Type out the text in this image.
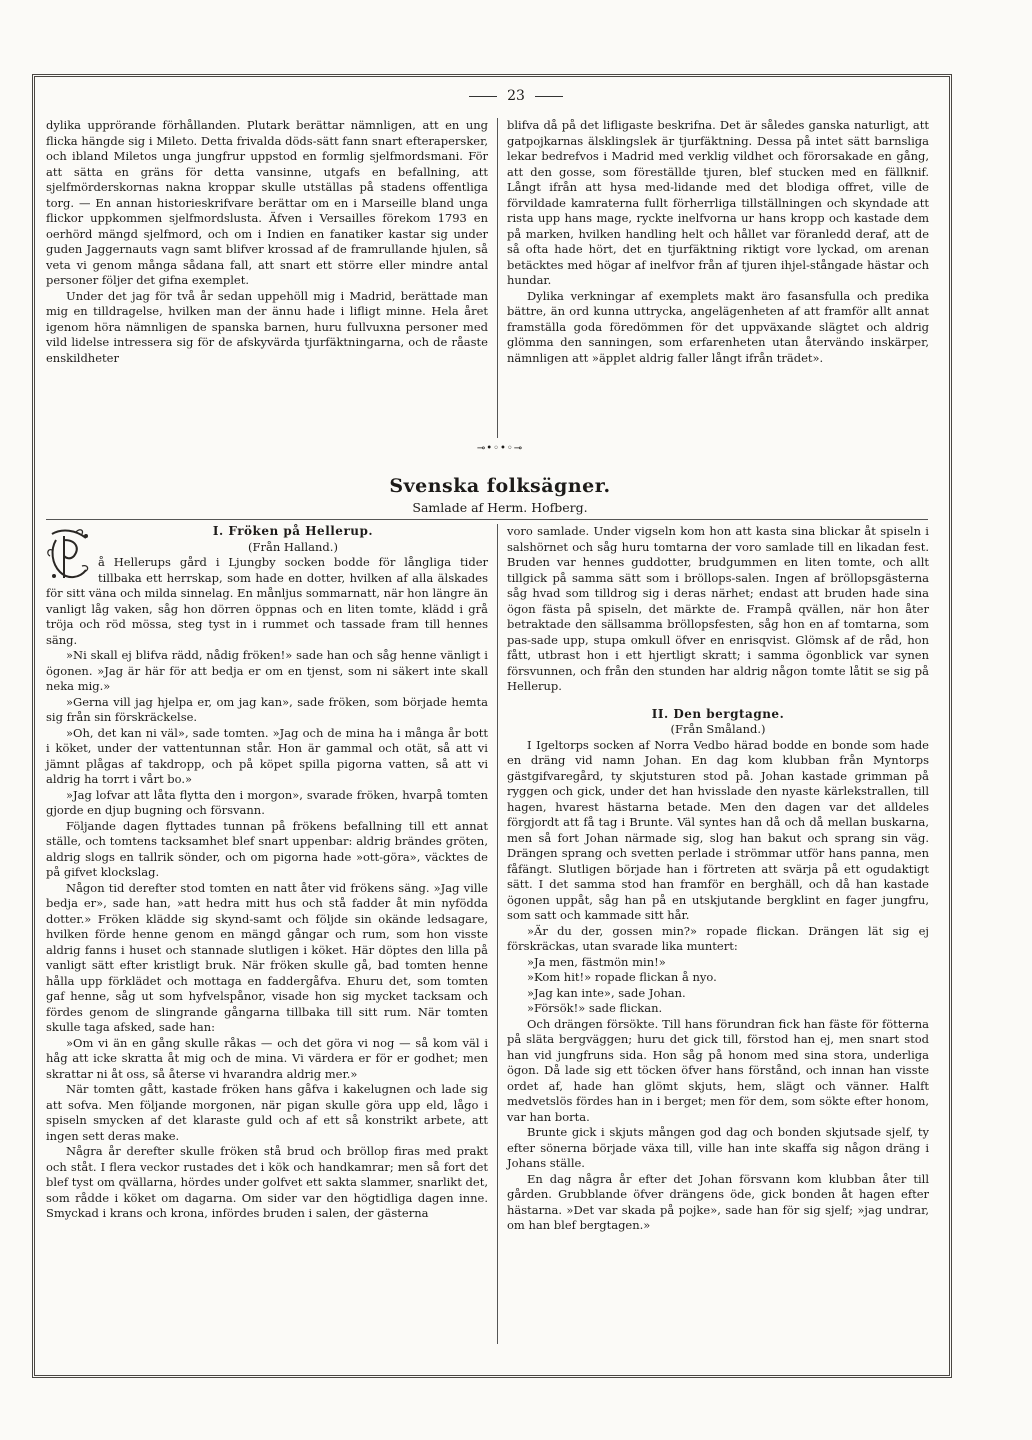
23

dylika upprörande förhållanden. Plutark berättar nämnligen, att en ung flicka hängde sig i Mileto. Detta frivalda döds-sätt fann snart efterapersker, och ibland Miletos unga jungfrur uppstod en formlig sjelfmordsmani. För att sätta en gräns för detta vansinne, utgafs en befallning, att sjelfmörderskornas nakna kroppar skulle utställas på stadens offentliga torg. — En annan historieskrifvare berättar om en i Marseille bland unga flickor uppkommen sjelfmordslusta. Äfven i Versailles förekom 1793 en oerhörd mängd sjelfmord, och om i Indien en fanatiker kastar sig under guden Jaggernauts vagn samt blifver krossad af de framrullande hjulen, så veta vi genom många sådana fall, att snart ett större eller mindre antal personer följer det gifna exemplet.

Under det jag för två år sedan uppehöll mig i Madrid, berättade man mig en tilldragelse, hvilken man der ännu hade i lifligt minne. Hela året igenom höra nämnligen de spanska barnen, huru fullvuxna personer med vild lidelse intressera sig för de afskyvärda tjurfäktningarna, och de råaste enskildheter

blifva då på det lifligaste beskrifna. Det är således ganska naturligt, att gatpojkarnas älsklingslek är tjurfäktning. Dessa på intet sätt barnsliga lekar bedrefvos i Madrid med verklig vildhet och förorsakade en gång, att den gosse, som föreställde tjuren, blef stucken med en fällknif. Långt ifrån att hysa med-lidande med det blodiga offret, ville de förvildade kamraterna fullt förherrliga tillställningen och skyndade att rista upp hans mage, ryckte inelfvorna ur hans kropp och kastade dem på marken, hvilken handling helt och hållet var föranledd deraf, att de så ofta hade hört, det en tjurfäktning riktigt vore lyckad, om arenan betäcktes med högar af inelfvor från af tjuren ihjel-stångade hästar och hundar.

Dylika verkningar af exemplets makt äro fasansfulla och predika bättre, än ord kunna uttrycka, angelägenheten af att framför allt annat framställa goda föredömmen för det uppväxande slägtet och aldrig glömma den sanningen, som erfarenheten utan återvändo inskärper, nämnligen att »äpplet aldrig faller långt ifrån trädet».

⊸•◦•◦⊸
Svenska folksägner.
Samlade af Herm. Hofberg.
I. Fröken på Hellerup.
(Från Halland.)

å Hellerups gård i Ljungby socken bodde för långliga tider tillbaka ett herrskap, som hade en dotter, hvilken af alla älskades för sitt väna och milda sinnelag. En månljus sommarnatt, när hon längre än vanligt låg vaken, såg hon dörren öppnas och en liten tomte, klädd i grå tröja och röd mössa, steg tyst in i rummet och tassade fram till hennes säng.

»Ni skall ej blifva rädd, nådig fröken!» sade han och såg henne vänligt i ögonen. »Jag är här för att bedja er om en tjenst, som ni säkert inte skall neka mig.»

»Gerna vill jag hjelpa er, om jag kan», sade fröken, som började hemta sig från sin förskräckelse.

»Oh, det kan ni väl», sade tomten. »Jag och de mina ha i många år bott i köket, under der vattentunnan står. Hon är gammal och otät, så att vi jämnt plågas af takdropp, och på köpet spilla pigorna vatten, så att vi aldrig ha torrt i vårt bo.»

»Jag lofvar att låta flytta den i morgon», svarade fröken, hvarpå tomten gjorde en djup bugning och försvann.

Följande dagen flyttades tunnan på frökens befallning till ett annat ställe, och tomtens tacksamhet blef snart uppenbar: aldrig brändes gröten, aldrig slogs en tallrik sönder, och om pigorna hade »ott-göra», väcktes de på gifvet klockslag.

Någon tid derefter stod tomten en natt åter vid frökens säng. »Jag ville bedja er», sade han, »att hedra mitt hus och stå fadder åt min nyfödda dotter.» Fröken klädde sig skynd-samt och följde sin okände ledsagare, hvilken förde henne genom en mängd gångar och rum, som hon visste aldrig fanns i huset och stannade slutligen i köket. Här döptes den lilla på vanligt sätt efter kristligt bruk. När fröken skulle gå, bad tomten henne hålla upp förklädet och mottaga en faddergåfva. Ehuru det, som tomten gaf henne, såg ut som hyfvelspånor, visade hon sig mycket tacksam och fördes genom de slingrande gångarna tillbaka till sitt rum. När tomten skulle taga afsked, sade han:

»Om vi än en gång skulle råkas — och det göra vi nog — så kom väl i håg att icke skratta åt mig och de mina. Vi värdera er för er godhet; men skrattar ni åt oss, så återse vi hvarandra aldrig mer.»

När tomten gått, kastade fröken hans gåfva i kakelugnen och lade sig att sofva. Men följande morgonen, när pigan skulle göra upp eld, lågo i spiseln smycken af det klaraste guld och af ett så konstrikt arbete, att ingen sett deras make.

Några år derefter skulle fröken stå brud och bröllop firas med prakt och ståt. I flera veckor rustades det i kök och handkamrar; men så fort det blef tyst om qvällarna, hördes under golfvet ett sakta slammer, snarlikt det, som rådde i köket om dagarna. Om sider var den högtidliga dagen inne. Smyckad i krans och krona, infördes bruden i salen, der gästerna

voro samlade. Under vigseln kom hon att kasta sina blickar åt spiseln i salshörnet och såg huru tomtarna der voro samlade till en likadan fest. Bruden var hennes guddotter, brudgummen en liten tomte, och allt tillgick på samma sätt som i bröllops-salen. Ingen af bröllopsgästerna såg hvad som tilldrog sig i deras närhet; endast att bruden hade sina ögon fästa på spiseln, det märkte de. Frampå qvällen, när hon åter betraktade den sällsamma bröllopsfesten, såg hon en af tomtarna, som pas-sade upp, stupa omkull öfver en enrisqvist. Glömsk af de råd, hon fått, utbrast hon i ett hjertligt skratt; i samma ögonblick var synen försvunnen, och från den stunden har aldrig någon tomte låtit se sig på Hellerup.

II. Den bergtagne.
(Från Småland.)

I Igeltorps socken af Norra Vedbo härad bodde en bonde som hade en dräng vid namn Johan. En dag kom klubban från Myntorps gästgifvaregård, ty skjutsturen stod på. Johan kastade grimman på ryggen och gick, under det han hvisslade den nyaste kärlekstrallen, till hagen, hvarest hästarna betade. Men den dagen var det alldeles förgjordt att få tag i Brunte. Väl syntes han då och då mellan buskarna, men så fort Johan närmade sig, slog han bakut och sprang sin väg. Drängen sprang och svetten perlade i strömmar utför hans panna, men fåfängt. Slutligen började han i förtreten att svärja på ett ogudaktigt sätt. I det samma stod han framför en berghäll, och då han kastade ögonen uppåt, såg han på en utskjutande bergklint en fager jungfru, som satt och kammade sitt hår.

»Är du der, gossen min?» ropade flickan. Drängen lät sig ej förskräckas, utan svarade lika muntert:

»Ja men, fästmön min!»

»Kom hit!» ropade flickan å nyo.

»Jag kan inte», sade Johan.

»Försök!» sade flickan.

Och drängen försökte. Till hans förundran fick han fäste för fötterna på släta bergväggen; huru det gick till, förstod han ej, men snart stod han vid jungfruns sida. Hon såg på honom med sina stora, underliga ögon. Då lade sig ett töcken öfver hans förstånd, och innan han visste ordet af, hade han glömt skjuts, hem, slägt och vänner. Halft medvetslös fördes han in i berget; men för dem, som sökte efter honom, var han borta.

Brunte gick i skjuts mången god dag och bonden skjutsade sjelf, ty efter sönerna började växa till, ville han inte skaffa sig någon dräng i Johans ställe.

En dag några år efter det Johan försvann kom klubban åter till gården. Grubblande öfver drängens öde, gick bonden åt hagen efter hästarna. »Det var skada på pojke», sade han för sig sjelf; »jag undrar, om han blef bergtagen.»
